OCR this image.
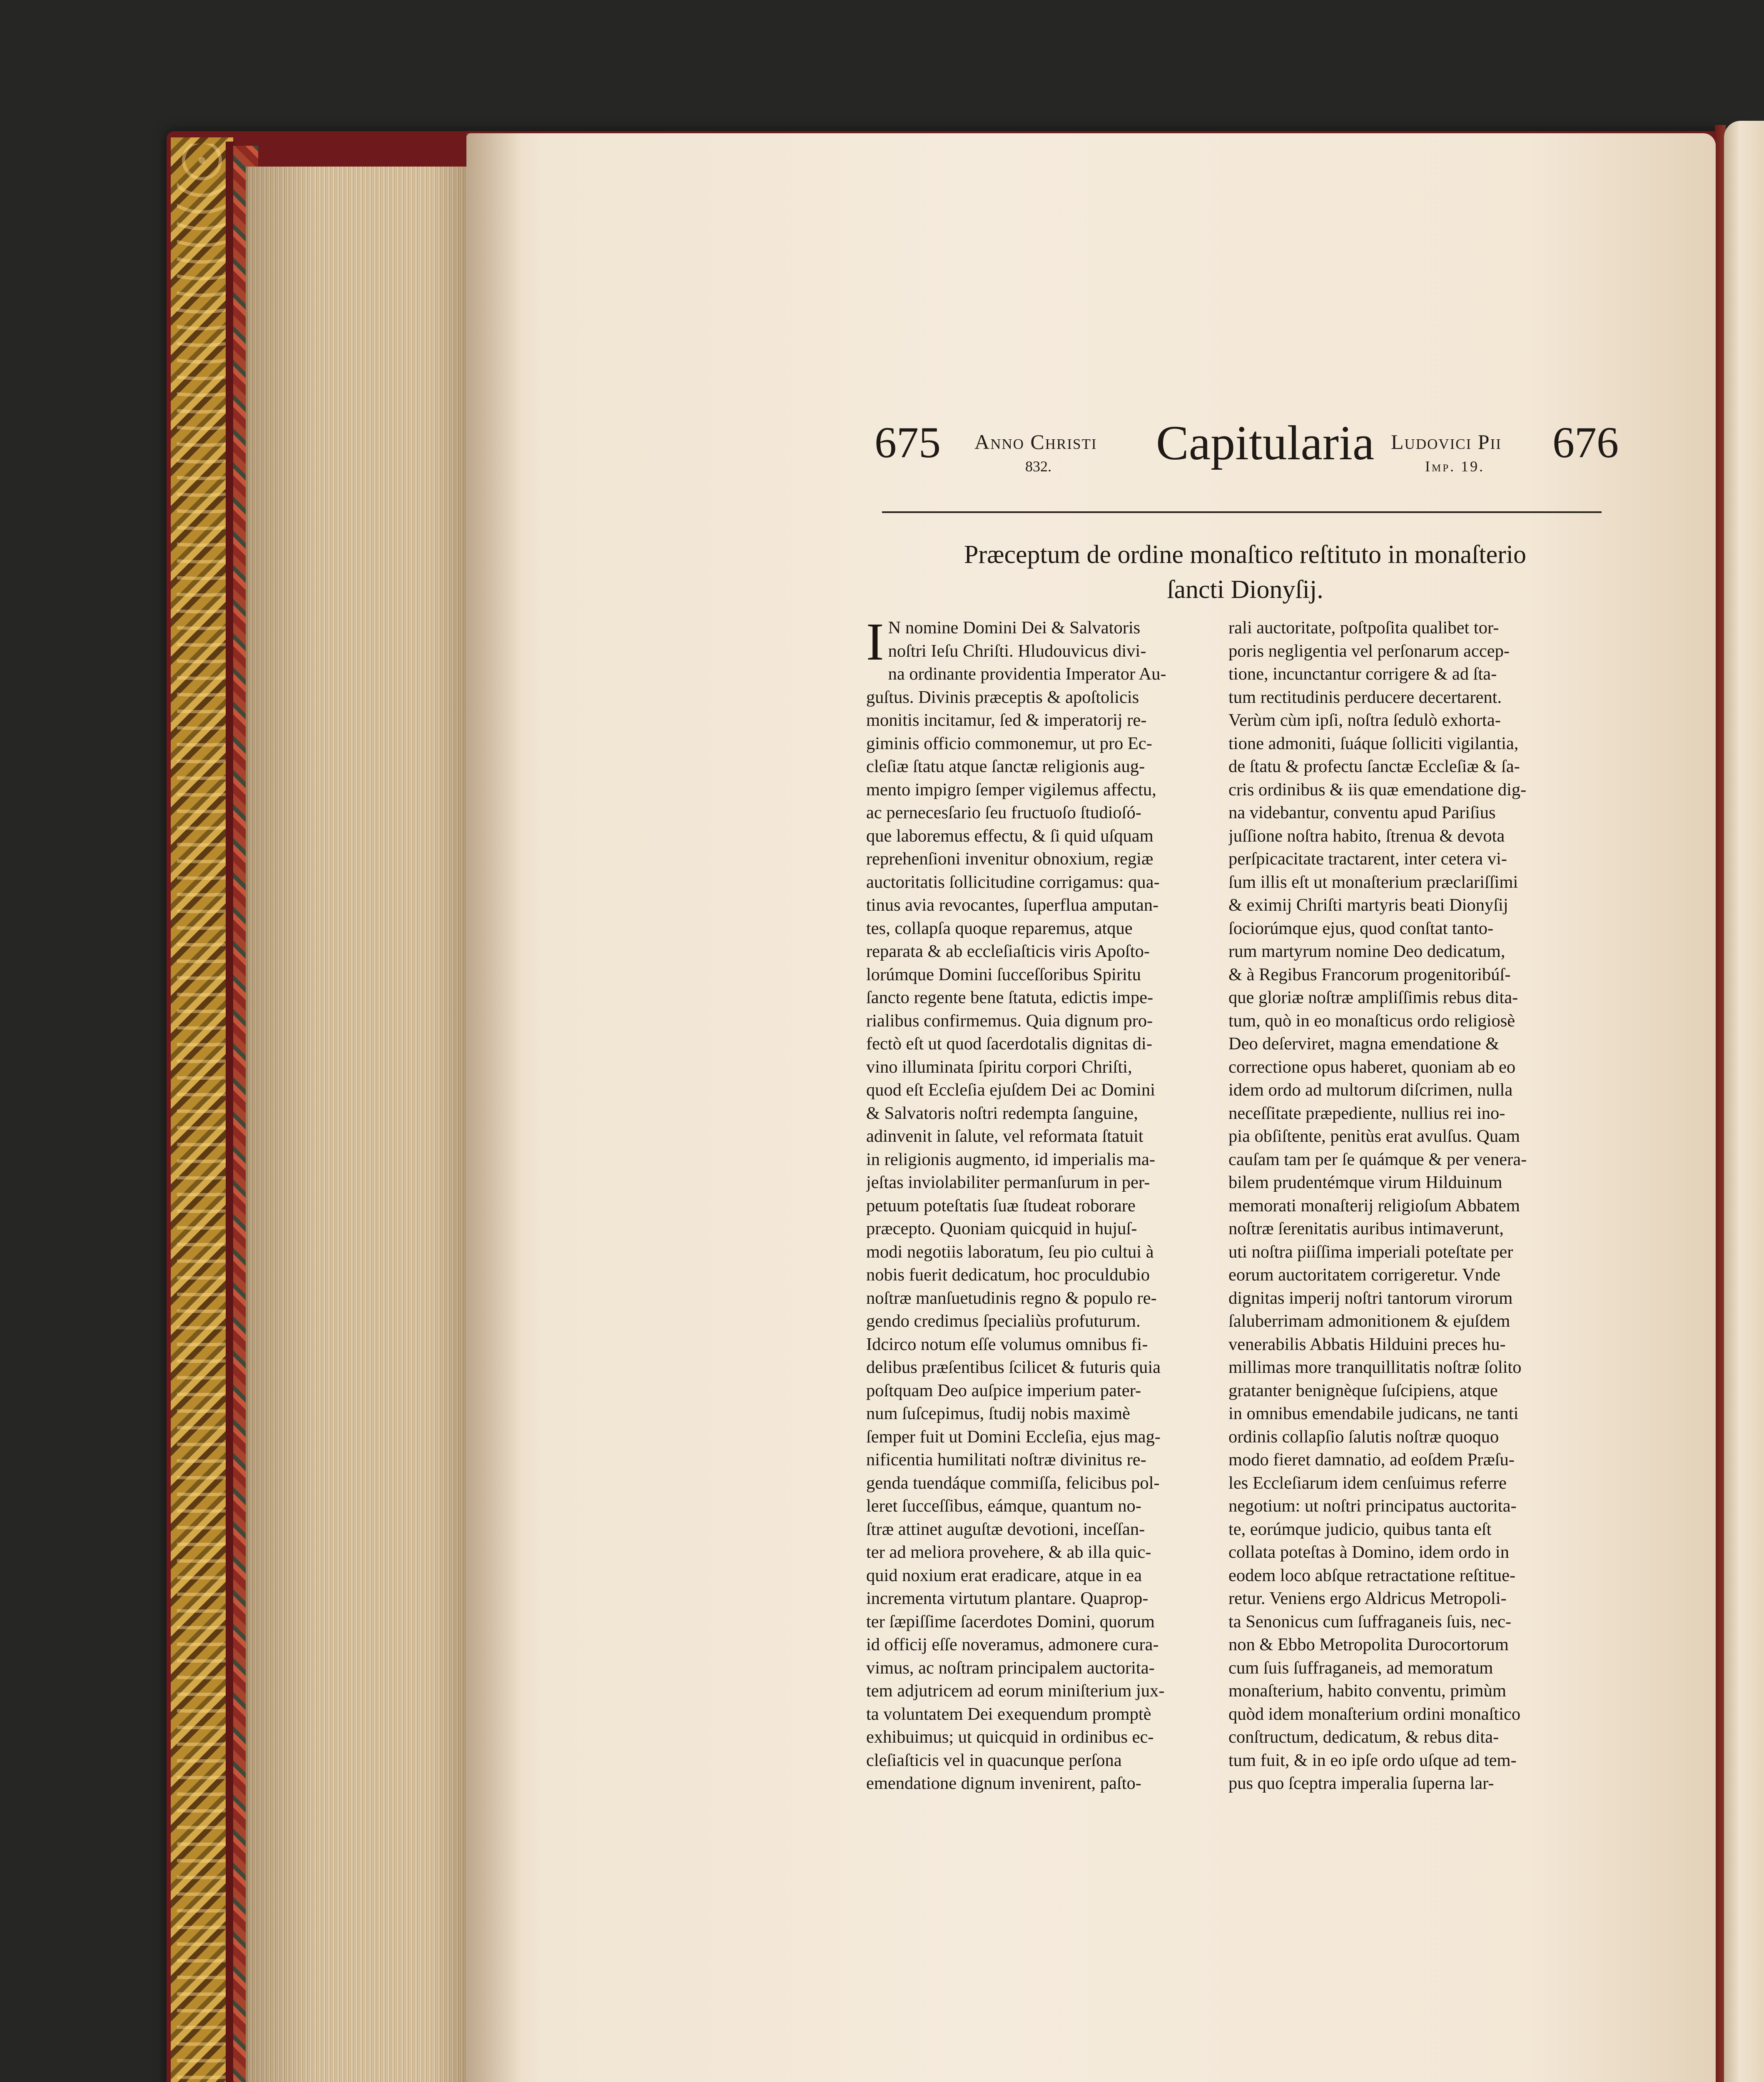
675 Anno Christi
832. Capitularia Ludovici Pii
Imp. 19. 676
Præceptum de ordine monaſtico reſtituto in monaſterio
ſancti Dionyſij.
I N nomine Domini Dei & Salvatoris
noſtri Ieſu Chriſti. Hludouvicus divi-
na ordinante providentia Imperator Au-
guſtus. Divinis præceptis & apoſtolicis
monitis incitamur, ſed & imperatorij re-
giminis officio commonemur, ut pro Ec-
cleſiæ ſtatu atque ſanctæ religionis aug-
mento impigro ſemper vigilemus affectu,
ac pernecesſario ſeu fructuoſo ſtudioſó-
que laboremus effectu, & ſi quid uſquam
reprehenſioni invenitur obnoxium, regiæ
auctoritatis ſollicitudine corrigamus: qua-
tinus avia revocantes, ſuperflua amputan-
tes, collapſa quoque reparemus, atque
reparata & ab eccleſiaſticis viris Apoſto-
lorúmque Domini ſucceſſoribus Spiritu
ſancto regente bene ſtatuta, edictis impe-
rialibus confirmemus. Quia dignum pro-
fectò eſt ut quod ſacerdotalis dignitas di-
vino illuminata ſpiritu corpori Chriſti,
quod eſt Eccleſia ejuſdem Dei ac Domini
& Salvatoris noſtri redempta ſanguine,
adinvenit in ſalute, vel reformata ſtatuit
in religionis augmento, id imperialis ma-
jeſtas inviolabiliter permanſurum in per-
petuum poteſtatis ſuæ ſtudeat roborare
præcepto. Quoniam quicquid in hujuſ-
modi negotiis laboratum, ſeu pio cultui à
nobis fuerit dedicatum, hoc proculdubio
noſtræ manſuetudinis regno & populo re-
gendo credimus ſpecialiùs profuturum.
Idcirco notum eſſe volumus omnibus fi-
delibus præſentibus ſcilicet & futuris quia
poſtquam Deo auſpice imperium pater-
num ſuſcepimus, ſtudij nobis maximè
ſemper fuit ut Domini Eccleſia, ejus mag-
nificentia humilitati noſtræ divinitus re-
genda tuendáque commiſſa, felicibus pol-
leret ſucceſſibus, eámque, quantum no-
ſtræ attinet auguſtæ devotioni, inceſſan-
ter ad meliora provehere, & ab illa quic-
quid noxium erat eradicare, atque in ea
incrementa virtutum plantare. Quaprop-
ter ſæpiſſime ſacerdotes Domini, quorum
id officij eſſe noveramus, admonere cura-
vimus, ac noſtram principalem auctorita-
tem adjutricem ad eorum miniſterium jux-
ta voluntatem Dei exequendum promptè
exhibuimus; ut quicquid in ordinibus ec-
cleſiaſticis vel in quacunque perſona
emendatione dignum invenirent, paſto-
rali auctoritate, poſtpoſita qualibet tor-
poris negligentia vel perſonarum accep-
tione, incunctantur corrigere & ad ſta-
tum rectitudinis perducere decertarent.
Verùm cùm ipſi, noſtra ſedulò exhorta-
tione admoniti, ſuáque ſolliciti vigilantia,
de ſtatu & profectu ſanctæ Eccleſiæ & ſa-
cris ordinibus & iis quæ emendatione dig-
na videbantur, conventu apud Pariſius
juſſione noſtra habito, ſtrenua & devota
perſpicacitate tractarent, inter cetera vi-
ſum illis eſt ut monaſterium præclariſſimi
& eximij Chriſti martyris beati Dionyſij
ſociorúmque ejus, quod conſtat tanto-
rum martyrum nomine Deo dedicatum,
& à Regibus Francorum progenitoribúſ-
que gloriæ noſtræ ampliſſimis rebus dita-
tum, quò in eo monaſticus ordo religiosè
Deo deſerviret, magna emendatione &
correctione opus haberet, quoniam ab eo
idem ordo ad multorum diſcrimen, nulla
neceſſitate præpediente, nullius rei ino-
pia obſiſtente, penitùs erat avulſus. Quam
cauſam tam per ſe quámque & per venera-
bilem prudentémque virum Hilduinum
memorati monaſterij religioſum Abbatem
noſtræ ſerenitatis auribus intimaverunt,
uti noſtra piiſſima imperiali poteſtate per
eorum auctoritatem corrigeretur. Vnde
dignitas imperij noſtri tantorum virorum
ſaluberrimam admonitionem & ejuſdem
venerabilis Abbatis Hilduini preces hu-
millimas more tranquillitatis noſtræ ſolito
gratanter benignèque ſuſcipiens, atque
in omnibus emendabile judicans, ne tanti
ordinis collapſio ſalutis noſtræ quoquo
modo fieret damnatio, ad eoſdem Præſu-
les Eccleſiarum idem cenſuimus referre
negotium: ut noſtri principatus auctorita-
te, eorúmque judicio, quibus tanta eſt
collata poteſtas à Domino, idem ordo in
eodem loco abſque retractatione reſtitue-
retur. Veniens ergo Aldricus Metropoli-
ta Senonicus cum ſuffraganeis ſuis, nec-
non & Ebbo Metropolita Durocortorum
cum ſuis ſuffraganeis, ad memoratum
monaſterium, habito conventu, primùm
quòd idem monaſterium ordini monaſtico
conſtructum, dedicatum, & rebus dita-
tum fuit, & in eo ipſe ordo uſque ad tem-
pus quo ſceptra imperalia ſuperna lar-
